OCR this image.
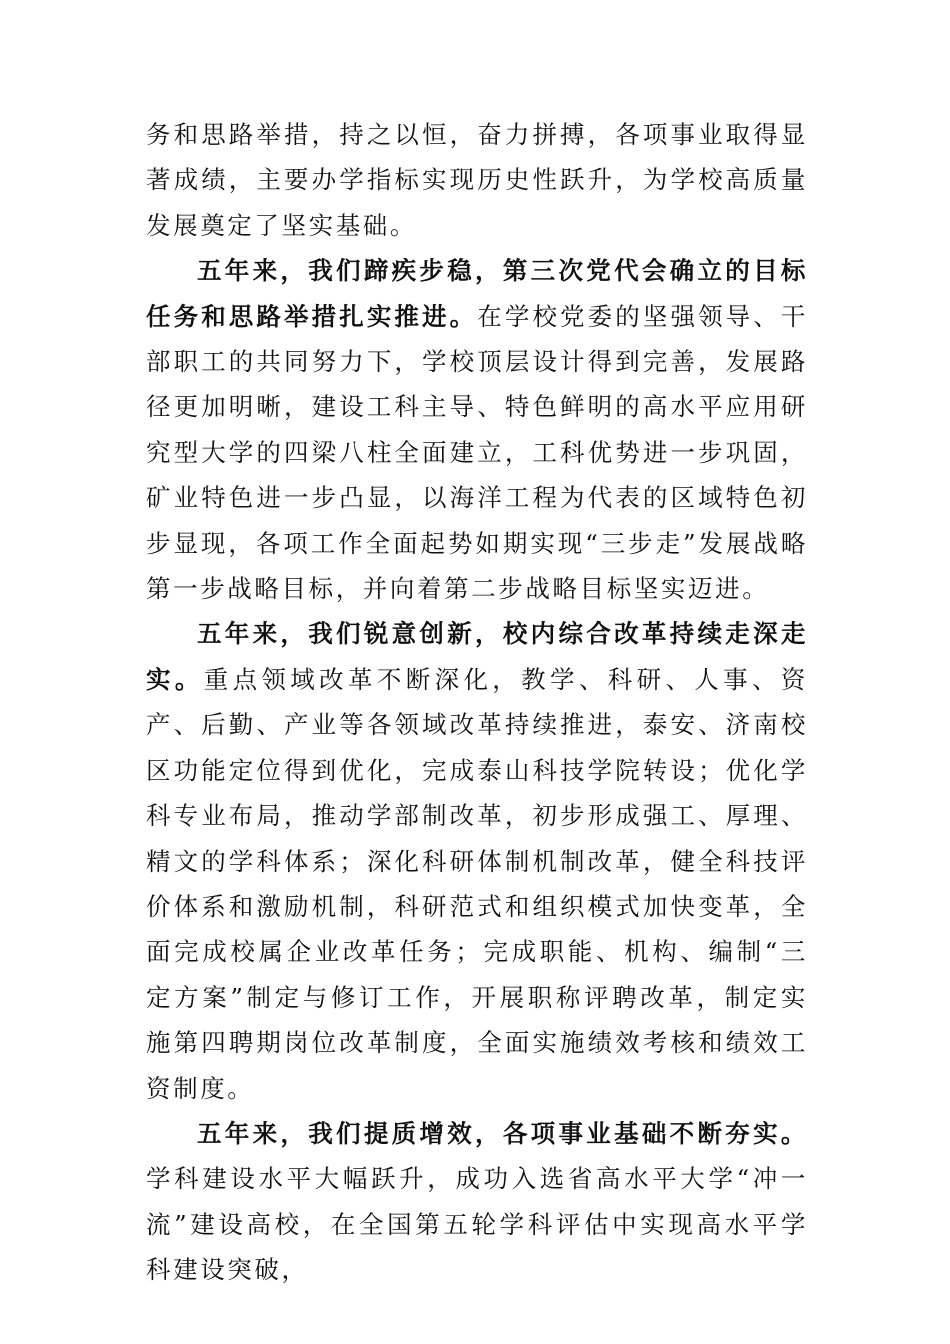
务和思路举措，持之以恒，奋力拼搏，各项事业取得显著成绩，主要办学指标实现历史性跃升，为学校高质量发展奠定了坚实基础。

五年来，我们蹄疾步稳，第三次党代会确立的目标任务和思路举措扎实推进。在学校党委的坚强领导、干部职工的共同努力下，学校顶层设计得到完善，发展路径更加明晰，建设工科主导、特色鲜明的高水平应用研究型大学的四梁八柱全面建立，工科优势进一步巩固，矿业特色进一步凸显，以海洋工程为代表的区域特色初步显现，各项工作全面起势如期实现“三步走”发展战略第一步战略目标，并向着第二步战略目标坚实迈进。

五年来，我们锐意创新，校内综合改革持续走深走实。重点领域改革不断深化，教学、科研、人事、资产、后勤、产业等各领域改革持续推进，泰安、济南校区功能定位得到优化，完成泰山科技学院转设；优化学科专业布局，推动学部制改革，初步形成强工、厚理、精文的学科体系；深化科研体制机制改革，健全科技评价体系和激励机制，科研范式和组织模式加快变革，全面完成校属企业改革任务；完成职能、机构、编制“三定方案”制定与修订工作，开展职称评聘改革，制定实施第四聘期岗位改革制度，全面实施绩效考核和绩效工资制度。

五年来，我们提质增效，各项事业基础不断夯实。学科建设水平大幅跃升，成功入选省高水平大学“冲一流”建设高校，在全国第五轮学科评估中实现高水平学科建设突破，
